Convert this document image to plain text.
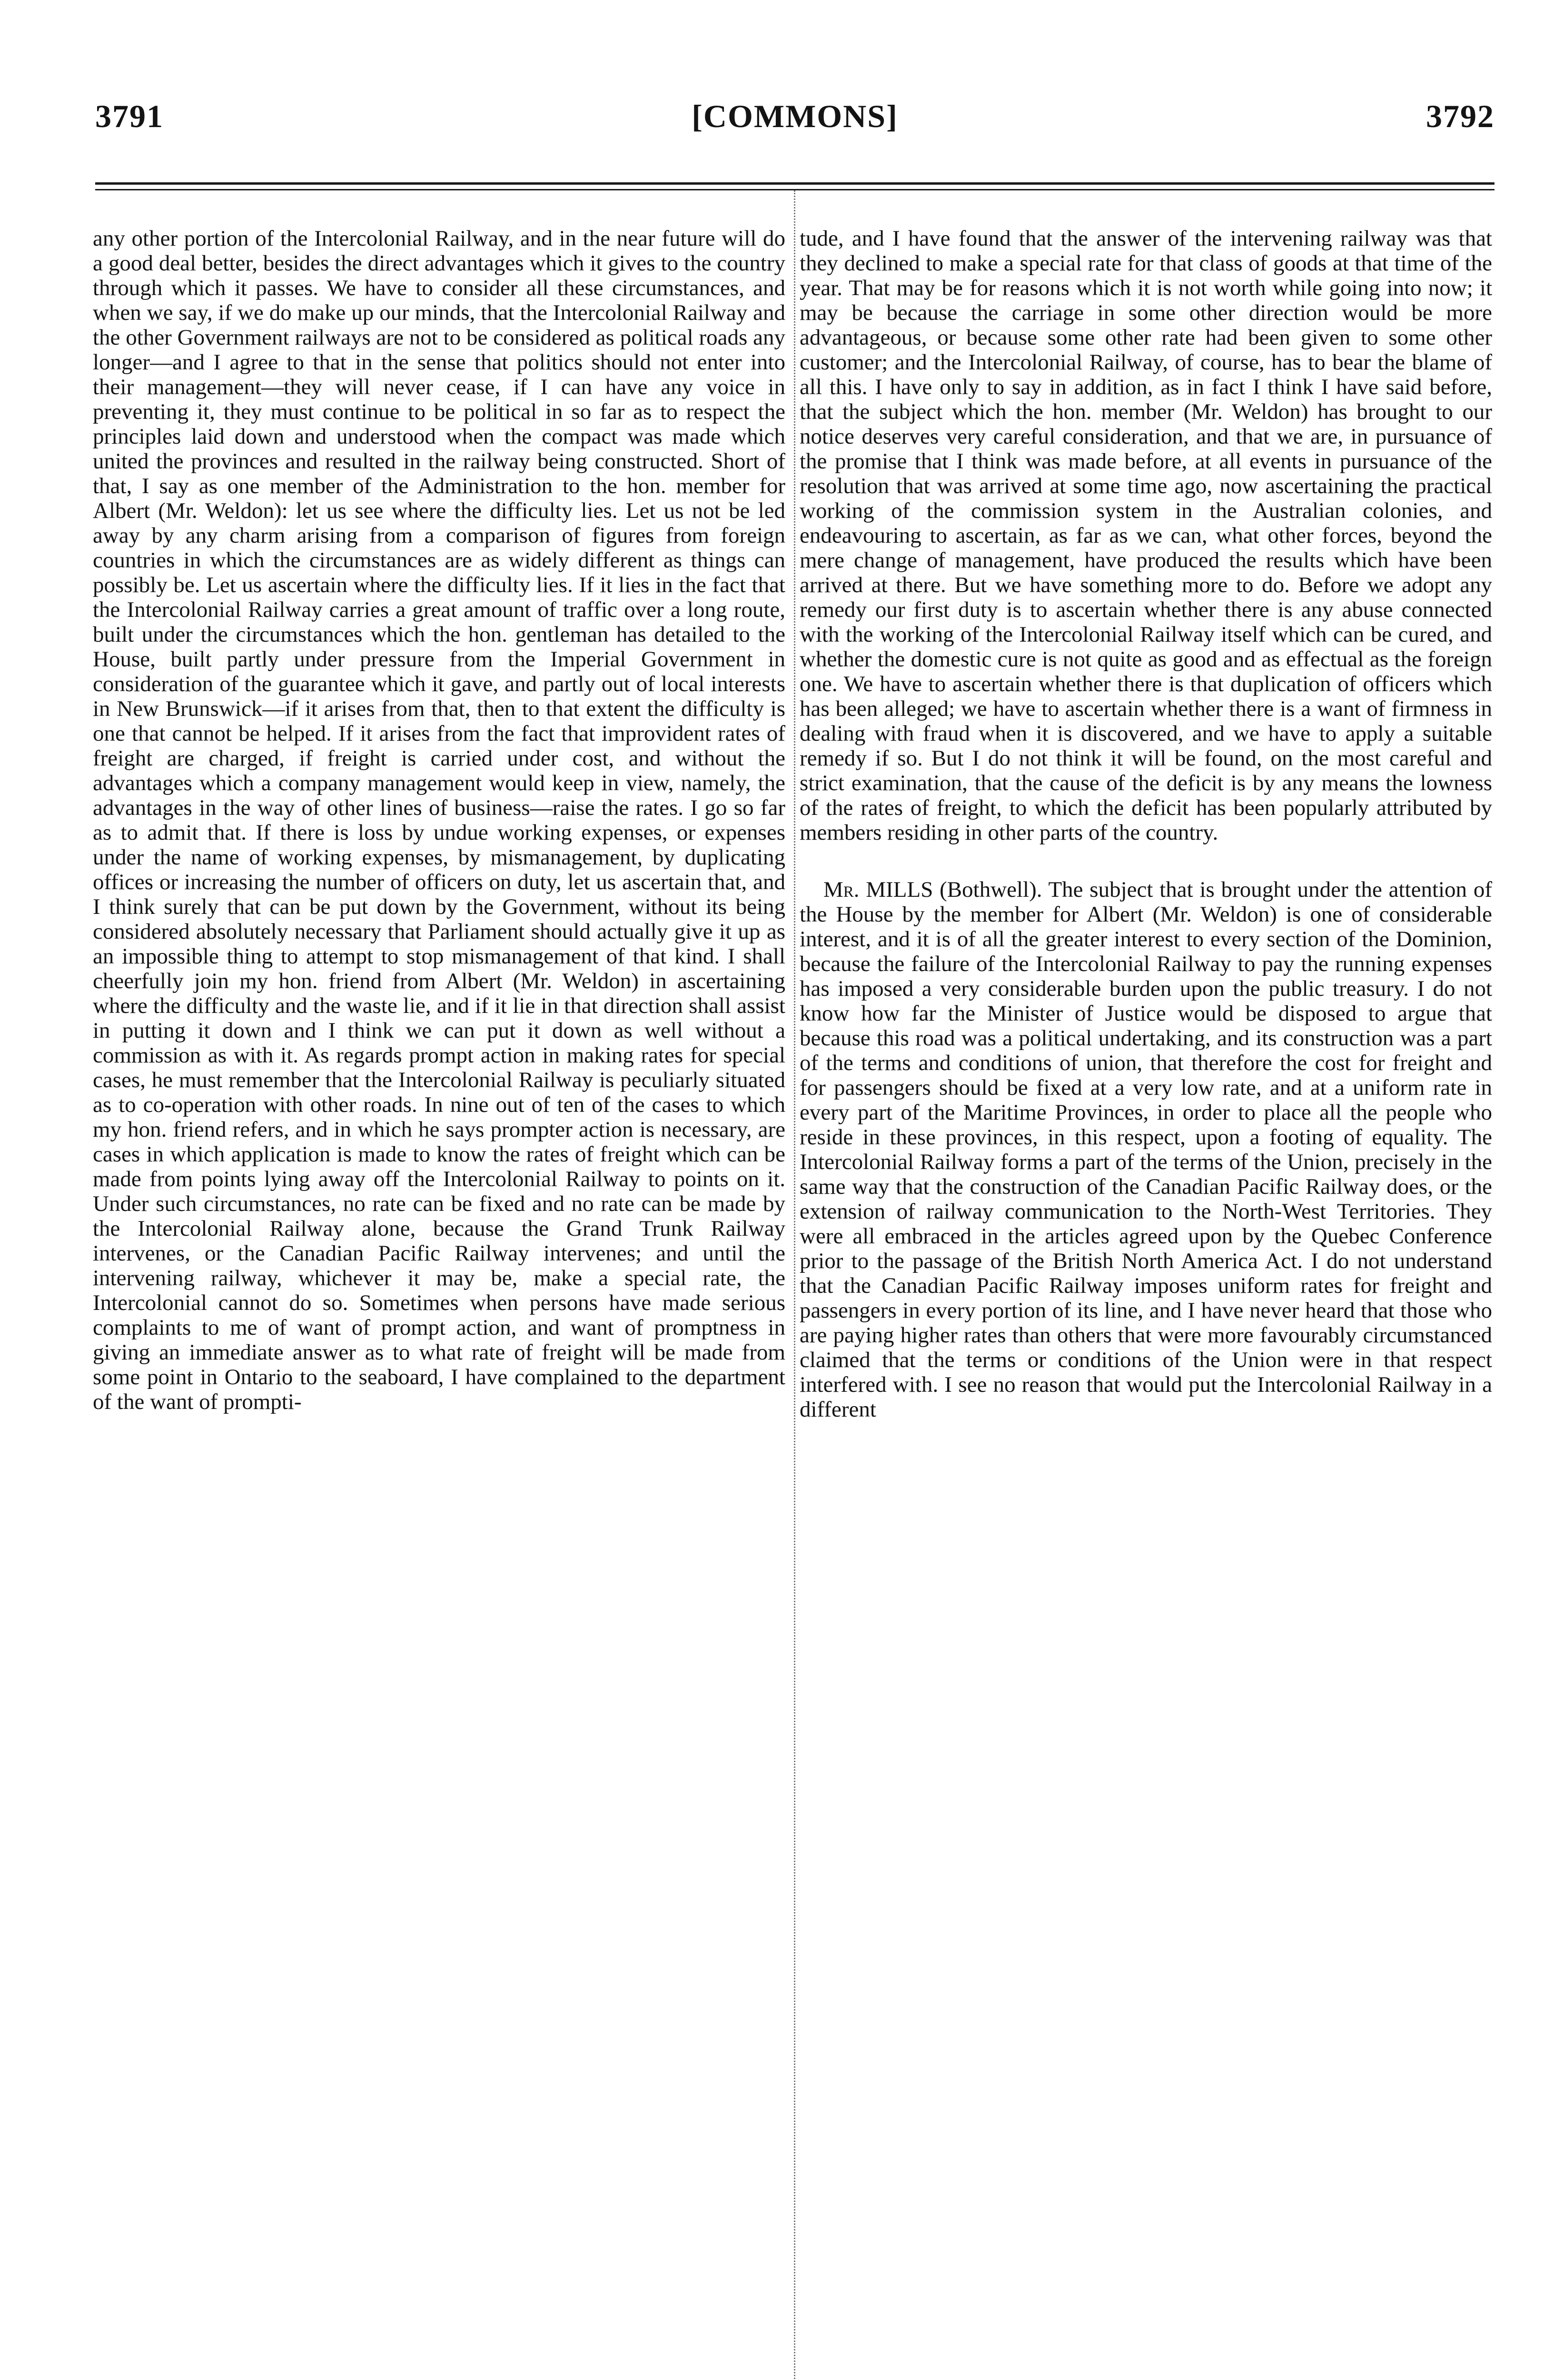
3791	[COMMONS]	3792

any other portion of the Intercolonial Railway, and in the near future will do a good deal better, besides the direct advantages which it gives to the country through which it passes. We have to consider all these circumstances, and when we say, if we do make up our minds, that the Intercolonial Railway and the other Government railways are not to be considered as political roads any longer—and I agree to that in the sense that politics should not enter into their management—they will never cease, if I can have any voice in preventing it, they must continue to be political in so far as to respect the principles laid down and understood when the compact was made which united the provinces and resulted in the railway being constructed. Short of that, I say as one member of the Administration to the hon. member for Albert (Mr. Weldon): let us see where the difficulty lies. Let us not be led away by any charm arising from a comparison of figures from foreign countries in which the circumstances are as widely different as things can possibly be. Let us ascertain where the difficulty lies. If it lies in the fact that the Intercolonial Railway carries a great amount of traffic over a long route, built under the circumstances which the hon. gentleman has detailed to the House, built partly under pressure from the Imperial Government in consideration of the guarantee which it gave, and partly out of local interests in New Brunswick—if it arises from that, then to that extent the difficulty is one that cannot be helped. If it arises from the fact that improvident rates of freight are charged, if freight is carried under cost, and without the advantages which a company management would keep in view, namely, the advantages in the way of other lines of business—raise the rates. I go so far as to admit that. If there is loss by undue working expenses, or expenses under the name of working expenses, by mismanagement, by duplicating offices or increasing the number of officers on duty, let us ascertain that, and I think surely that can be put down by the Government, without its being considered absolutely necessary that Parliament should actually give it up as an impossible thing to attempt to stop mismanagement of that kind. I shall cheerfully join my hon. friend from Albert (Mr. Weldon) in ascertaining where the difficulty and the waste lie, and if it lie in that direction shall assist in putting it down and I think we can put it down as well without a commission as with it. As regards prompt action in making rates for special cases, he must remember that the Intercolonial Railway is peculiarly situated as to co-operation with other roads. In nine out of ten of the cases to which my hon. friend refers, and in which he says prompter action is necessary, are cases in which application is made to know the rates of freight which can be made from points lying away off the Intercolonial Railway to points on it. Under such circumstances, no rate can be fixed and no rate can be made by the Intercolonial Railway alone, because the Grand Trunk Railway intervenes, or the Canadian Pacific Railway intervenes; and until the intervening railway, whichever it may be, make a special rate, the Intercolonial cannot do so. Sometimes when persons have made serious complaints to me of want of prompt action, and want of promptness in giving an immediate answer as to what rate of freight will be made from some point in Ontario to the seaboard, I have complained to the department of the want of prompti-

tude, and I have found that the answer of the intervening railway was that they declined to make a special rate for that class of goods at that time of the year. That may be for reasons which it is not worth while going into now; it may be because the carriage in some other direction would be more advantageous, or because some other rate had been given to some other customer; and the Intercolonial Railway, of course, has to bear the blame of all this. I have only to say in addition, as in fact I think I have said before, that the subject which the hon. member (Mr. Weldon) has brought to our notice deserves very careful consideration, and that we are, in pursuance of the promise that I think was made before, at all events in pursuance of the resolution that was arrived at some time ago, now ascertaining the practical working of the commission system in the Australian colonies, and endeavouring to ascertain, as far as we can, what other forces, beyond the mere change of management, have produced the results which have been arrived at there. But we have something more to do. Before we adopt any remedy our first duty is to ascertain whether there is any abuse connected with the working of the Intercolonial Railway itself which can be cured, and whether the domestic cure is not quite as good and as effectual as the foreign one. We have to ascertain whether there is that duplication of officers which has been alleged; we have to ascertain whether there is a want of firmness in dealing with fraud when it is discovered, and we have to apply a suitable remedy if so. But I do not think it will be found, on the most careful and strict examination, that the cause of the deficit is by any means the lowness of the rates of freight, to which the deficit has been popularly attributed by members residing in other parts of the country.

Mr. MILLS (Bothwell). The subject that is brought under the attention of the House by the member for Albert (Mr. Weldon) is one of considerable interest, and it is of all the greater interest to every section of the Dominion, because the failure of the Intercolonial Railway to pay the running expenses has imposed a very considerable burden upon the public treasury. I do not know how far the Minister of Justice would be disposed to argue that because this road was a political undertaking, and its construction was a part of the terms and conditions of union, that therefore the cost for freight and for passengers should be fixed at a very low rate, and at a uniform rate in every part of the Maritime Provinces, in order to place all the people who reside in these provinces, in this respect, upon a footing of equality. The Intercolonial Railway forms a part of the terms of the Union, precisely in the same way that the construction of the Canadian Pacific Railway does, or the extension of railway communication to the North-West Territories. They were all embraced in the articles agreed upon by the Quebec Conference prior to the passage of the British North America Act. I do not understand that the Canadian Pacific Railway imposes uniform rates for freight and passengers in every portion of its line, and I have never heard that those who are paying higher rates than others that were more favourably circumstanced claimed that the terms or conditions of the Union were in that respect interfered with. I see no reason that would put the Intercolonial Railway in a different
